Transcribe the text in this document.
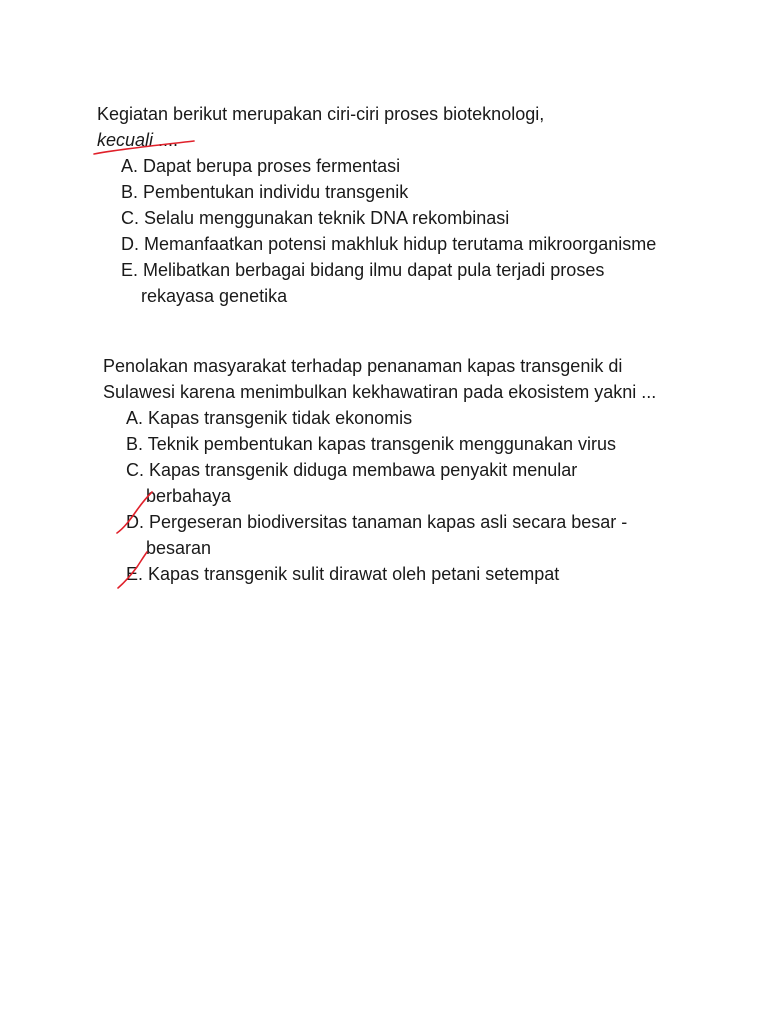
Kegiatan berikut merupakan ciri-ciri proses bioteknologi,
kecuali ....

A. Dapat berupa proses fermentasi
B. Pembentukan individu transgenik
C. Selalu menggunakan teknik DNA rekombinasi
D. Memanfaatkan potensi makhluk hidup terutama mikroorganisme
E. Melibatkan berbagai bidang ilmu dapat pula terjadi proses rekayasa genetika

Penolakan masyarakat terhadap penanaman kapas transgenik di Sulawesi karena menimbulkan kekhawatiran pada ekosistem yakni ...

A. Kapas transgenik tidak ekonomis
B. Teknik pembentukan kapas transgenik menggunakan virus
C. Kapas transgenik diduga membawa penyakit menular berbahaya
D. Pergeseran biodiversitas tanaman kapas asli secara besar -besaran
E. Kapas transgenik sulit dirawat oleh petani setempat
